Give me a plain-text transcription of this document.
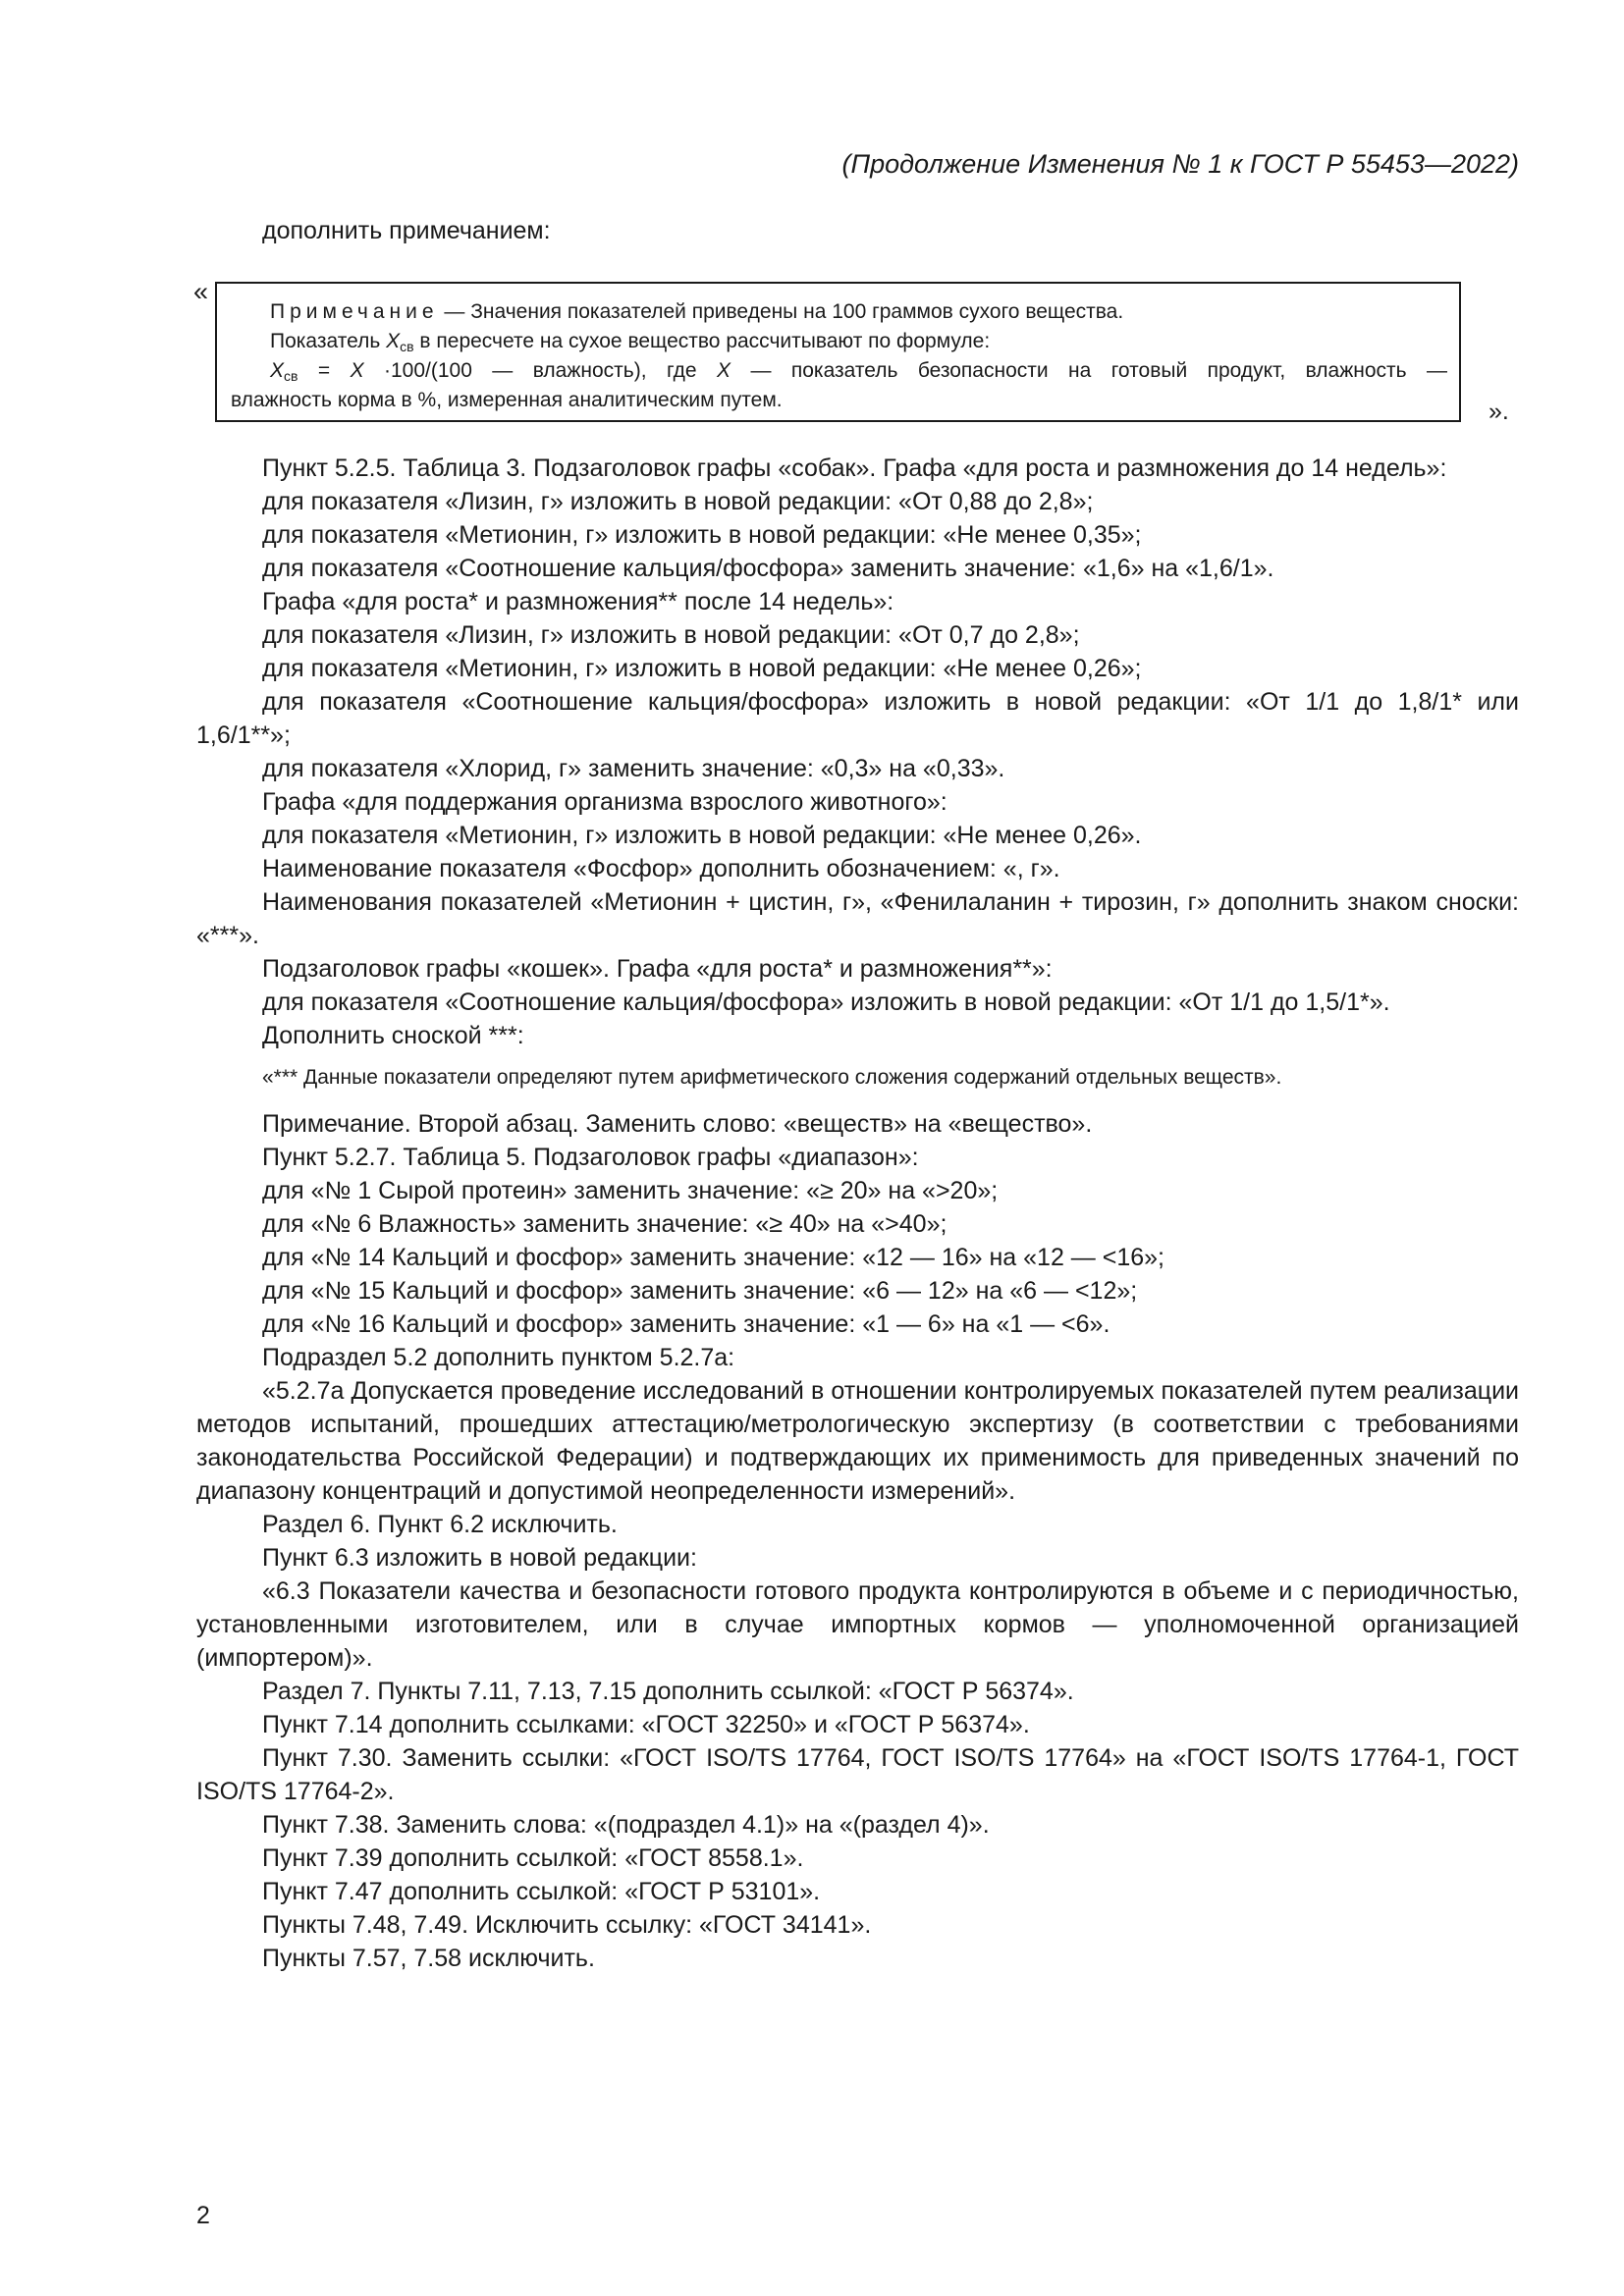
(Продолжение Изменения № 1 к ГОСТ Р 55453—2022)
дополнить примечанием:
«

Примечание — Значения показателей приведены на 100 граммов сухого вещества.

Показатель $X_{св}$ в пересчете на сухое вещество рассчитывают по формуле:

$X_{св} = X \cdot 100/(100$ — влажность), где X — показатель безопасности на готовый продукт, влажность —

влажность корма в %, измеренная аналитическим путем.	».

Пункт 5.2.5. Таблица 3. Подзаголовок графы «собак». Графа «для роста и размножения до 14 недель»:

для показателя «Лизин, г» изложить в новой редакции: «От 0,88 до 2,8»;

для показателя «Метионин, г» изложить в новой редакции: «Не менее 0,35»;

для показателя «Соотношение кальция/фосфора» заменить значение: «1,6» на «1,6/1».

Графа «для роста* и размножения** после 14 недель»:

для показателя «Лизин, г» изложить в новой редакции: «От 0,7 до 2,8»;

для показателя «Метионин, г» изложить в новой редакции: «Не менее 0,26»;

для показателя «Соотношение кальция/фосфора» изложить в новой редакции: «От 1/1 до 1,8/1* или 1,6/1**»;

для показателя «Хлорид, г» заменить значение: «0,3» на «0,33».

Графа «для поддержания организма взрослого животного»:

для показателя «Метионин, г» изложить в новой редакции: «Не менее 0,26».

Наименование показателя «Фосфор» дополнить обозначением: «, г».

Наименования показателей «Метионин + цистин, г», «Фенилаланин + тирозин, г» дополнить знаком сноски: «***».

Подзаголовок графы «кошек». Графа «для роста* и размножения**»:

для показателя «Соотношение кальция/фосфора» изложить в новой редакции: «От 1/1 до 1,5/1*».

Дополнить сноской ***:

«*** Данные показатели определяют путем арифметического сложения содержаний отдельных веществ».

Примечание. Второй абзац. Заменить слово: «веществ» на «вещество».

Пункт 5.2.7. Таблица 5. Подзаголовок графы «диапазон»:

для «№ 1 Сырой протеин» заменить значение: «≥ 20» на «>20»;

для «№ 6 Влажность» заменить значение: «≥ 40» на «>40»;

для «№ 14 Кальций и фосфор» заменить значение: «12 — 16» на «12 — <16»;

для «№ 15 Кальций и фосфор» заменить значение: «6 — 12» на «6 — <12»;

для «№ 16 Кальций и фосфор» заменить значение: «1 — 6» на «1 — <6».

Подраздел 5.2 дополнить пунктом 5.2.7а:

«5.2.7а Допускается проведение исследований в отношении контролируемых показателей путем реализации методов испытаний, прошедших аттестацию/метрологическую экспертизу (в соответствии с требованиями законодательства Российской Федерации) и подтверждающих их применимость для приведенных значений по диапазону концентраций и допустимой неопределенности измерений».

Раздел 6. Пункт 6.2 исключить.

Пункт 6.3 изложить в новой редакции:

«6.3 Показатели качества и безопасности готового продукта контролируются в объеме и с периодичностью, установленными изготовителем, или в случае импортных кормов — уполномоченной организацией (импортером)».

Раздел 7. Пункты 7.11, 7.13, 7.15 дополнить ссылкой: «ГОСТ Р 56374».

Пункт 7.14 дополнить ссылками: «ГОСТ 32250» и «ГОСТ Р 56374».

Пункт 7.30. Заменить ссылки: «ГОСТ ISO/TS 17764, ГОСТ ISO/TS 17764» на «ГОСТ ISO/TS 17764-1, ГОСТ ISO/TS 17764-2».

Пункт 7.38. Заменить слова: «(подраздел 4.1)» на «(раздел 4)».

Пункт 7.39 дополнить ссылкой: «ГОСТ 8558.1».

Пункт 7.47 дополнить ссылкой: «ГОСТ Р 53101».

Пункты 7.48, 7.49. Исключить ссылку: «ГОСТ 34141».

Пункты 7.57, 7.58 исключить.

2
